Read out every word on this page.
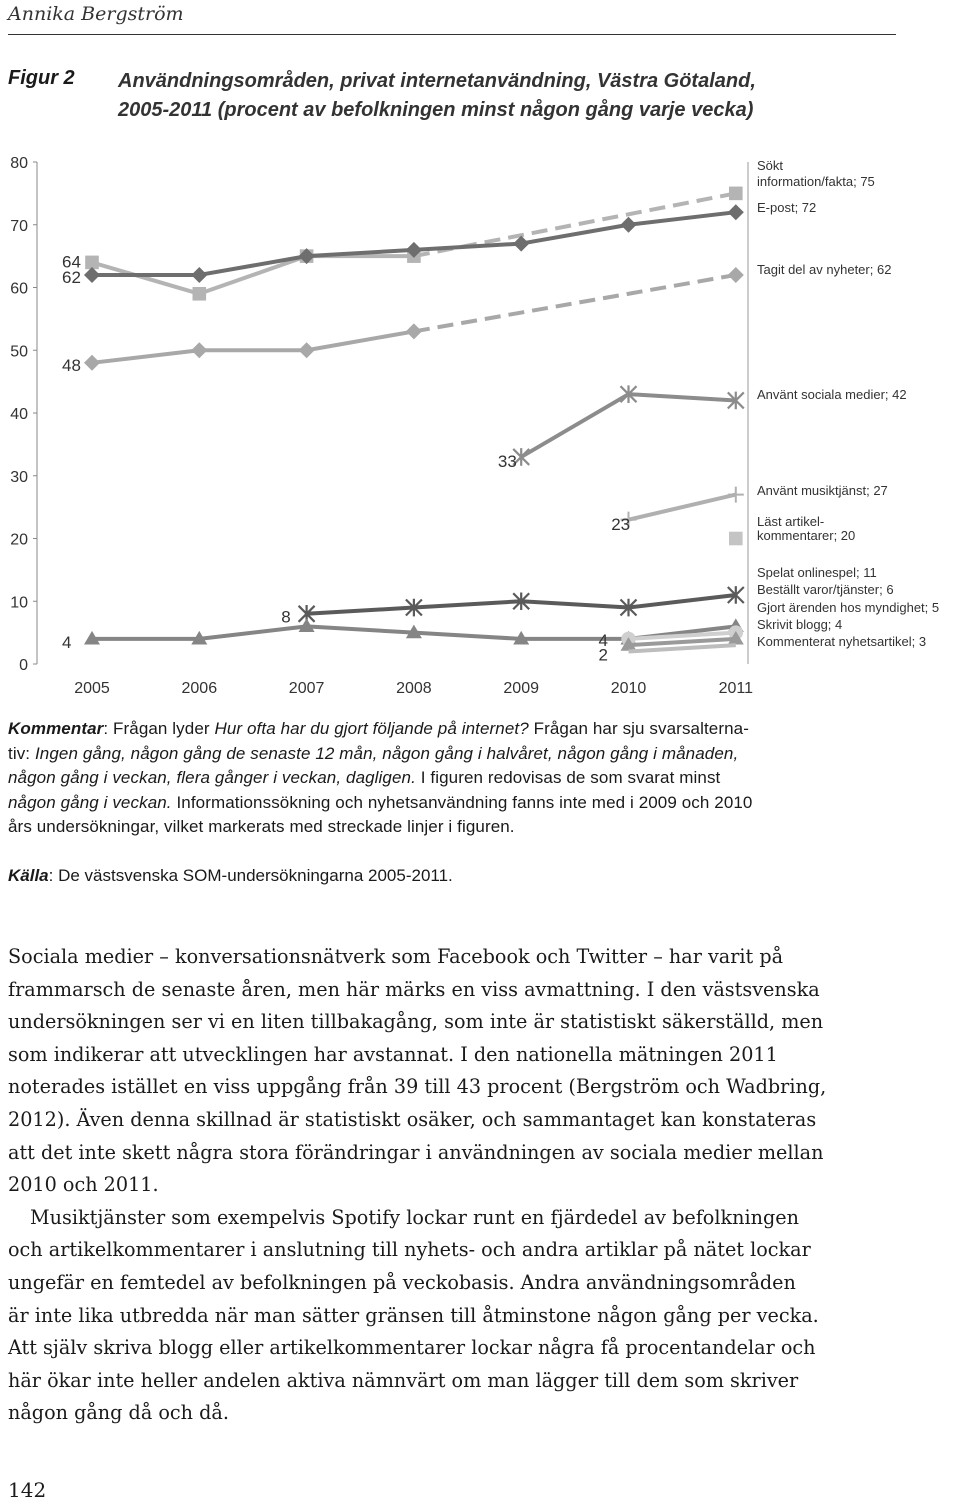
Annika Bergström
Figur 2 Användningsområden, privat internetanvändning, Västra Götaland,
2005-2011 (procent av befolkningen minst någon gång varje vecka)
0
10
20
30
40
50
60
70
80
2005	2006	2007	2008	2009	2010	2011
Sökt
information/fakta; 75
E-post; 72
Tagit del av nyheter; 62
Använt sociala medier; 42
Använt musiktjänst; 27
Läst artikel-
kommentarer; 20
Spelat onlinespel; 11
Beställt varor/tjänster; 6
Gjort ärenden hos myndighet; 5
Skrivit blogg; 4
Kommenterat nyhetsartikel; 3
64
62
48
33
23
8
4	4
2
Kommentar: Frågan lyder Hur ofta har du gjort följande på internet? Frågan har sju svarsalterna-
tiv: Ingen gång, någon gång de senaste 12 mån, någon gång i halvåret, någon gång i månaden,
någon gång i veckan, flera gånger i veckan, dagligen. I figuren redovisas de som svarat minst
någon gång i veckan. Informationssökning och nyhetsanvändning fanns inte med i 2009 och 2010
års undersökningar, vilket markerats med streckade linjer i figuren.
Källa: De västsvenska SOM-undersökningarna 2005-2011.
Sociala medier – konversationsnätverk som Facebook och Twitter – har varit på
frammarsch de senaste åren, men här märks en viss avmattning. I den västsvenska
undersökningen ser vi en liten tillbakagång, som inte är statistiskt säkerställd, men
som indikerar att utvecklingen har avstannat. I den nationella mätningen 2011
noterades istället en viss uppgång från 39 till 43 procent (Bergström och Wadbring,
2012). Även denna skillnad är statistiskt osäker, och sammantaget kan konstateras
att det inte skett några stora förändringar i användningen av sociala medier mellan
2010 och 2011.
Musiktjänster som exempelvis Spotify lockar runt en fjärdedel av befolkningen
och artikelkommentarer i anslutning till nyhets- och andra artiklar på nätet lockar
ungefär en femtedel av befolkningen på veckobasis. Andra användningsområden
är inte lika utbredda när man sätter gränsen till åtminstone någon gång per vecka.
Att själv skriva blogg eller artikelkommentarer lockar några få procentandelar och
här ökar inte heller andelen aktiva nämnvärt om man lägger till dem som skriver
någon gång då och då.
142
